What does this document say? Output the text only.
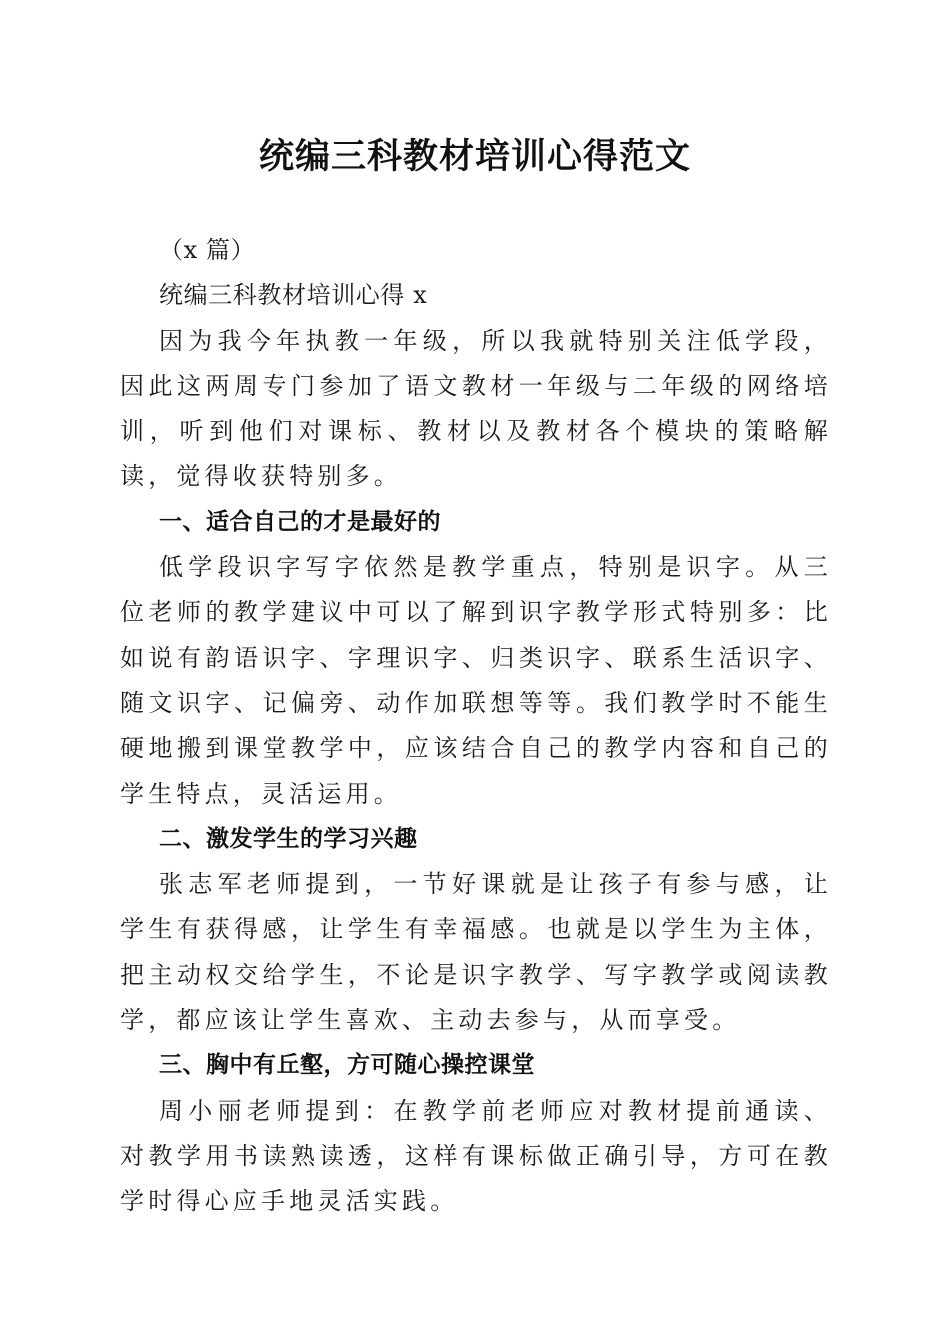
统编三科教材培训心得范文

（x 篇）

统编三科教材培训心得 x

因为我今年执教一年级，所以我就特别关注低学段，因此这两周专门参加了语文教材一年级与二年级的网络培训，听到他们对课标、教材以及教材各个模块的策略解读，觉得收获特别多。

一、适合自己的才是最好的

低学段识字写字依然是教学重点，特别是识字。从三位老师的教学建议中可以了解到识字教学形式特别多：比如说有韵语识字、字理识字、归类识字、联系生活识字、随文识字、记偏旁、动作加联想等等。我们教学时不能生硬地搬到课堂教学中，应该结合自己的教学内容和自己的学生特点，灵活运用。

二、激发学生的学习兴趣

张志军老师提到，一节好课就是让孩子有参与感，让学生有获得感，让学生有幸福感。也就是以学生为主体，把主动权交给学生，不论是识字教学、写字教学或阅读教学，都应该让学生喜欢、主动去参与，从而享受。

三、胸中有丘壑，方可随心操控课堂

周小丽老师提到：在教学前老师应对教材提前通读、对教学用书读熟读透，这样有课标做正确引导，方可在教学时得心应手地灵活实践。
